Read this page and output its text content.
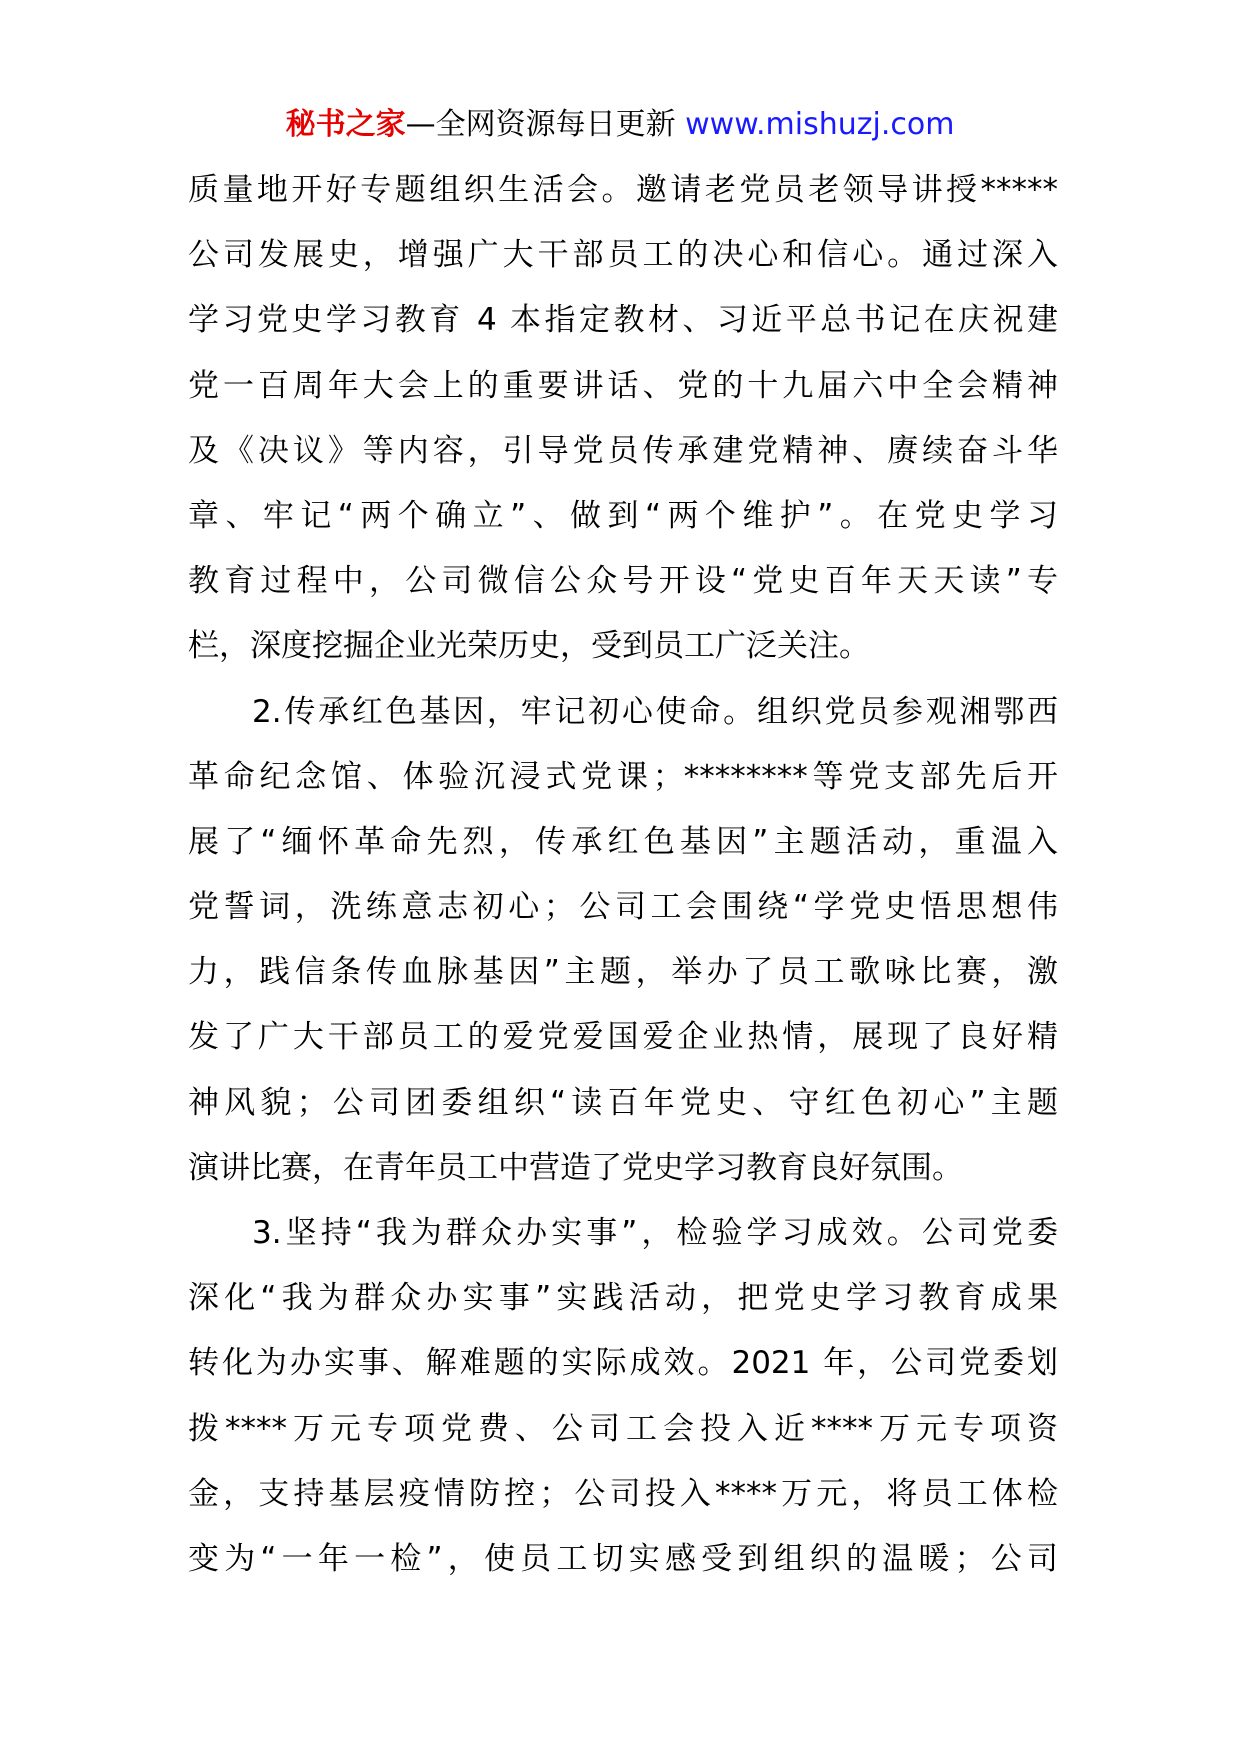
秘书之家—全网资源每日更新 www.mishuzj.com
质量地开好专题组织生活会。邀请老党员老领导讲授*****
公司发展史，增强广大干部员工的决心和信心。通过深入
学习党史学习教育 4 本指定教材、习近平总书记在庆祝建
党一百周年大会上的重要讲话、党的十九届六中全会精神
及《决议》等内容，引导党员传承建党精神、赓续奋斗华
章、牢记“两个确立”、做到“两个维护”。在党史学习
教育过程中，公司微信公众号开设“党史百年天天读”专
栏，深度挖掘企业光荣历史，受到员工广泛关注。
2.传承红色基因，牢记初心使命。组织党员参观湘鄂西
革命纪念馆、体验沉浸式党课；********等党支部先后开
展了“缅怀革命先烈，传承红色基因”主题活动，重温入
党誓词，洗练意志初心；公司工会围绕“学党史悟思想伟
力，践信条传血脉基因”主题，举办了员工歌咏比赛，激
发了广大干部员工的爱党爱国爱企业热情，展现了良好精
神风貌；公司团委组织“读百年党史、守红色初心”主题
演讲比赛，在青年员工中营造了党史学习教育良好氛围。
3.坚持“我为群众办实事”，检验学习成效。公司党委
深化“我为群众办实事”实践活动，把党史学习教育成果
转化为办实事、解难题的实际成效。2021 年，公司党委划
拨****万元专项党费、公司工会投入近****万元专项资
金，支持基层疫情防控；公司投入****万元，将员工体检
变为“一年一检”，使员工切实感受到组织的温暖；公司
